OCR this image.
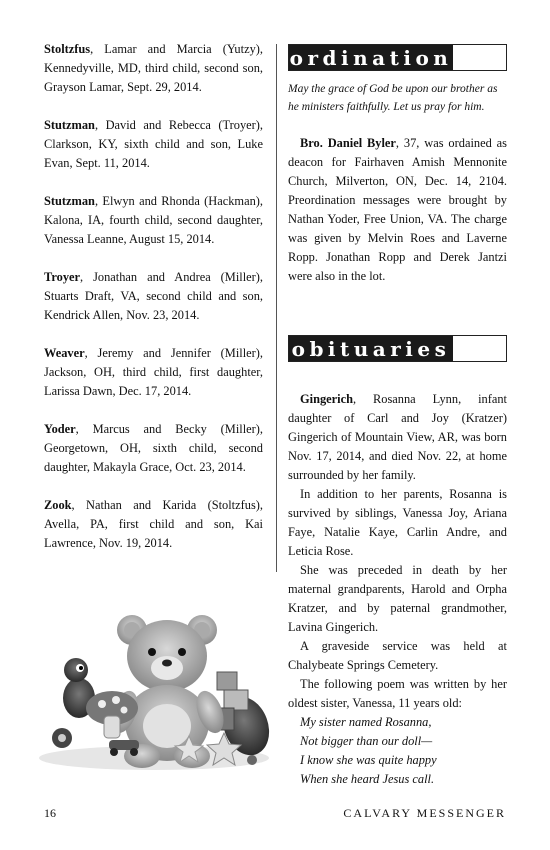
Stoltzfus, Lamar and Marcia (Yutzy), Kennedyville, MD, third child, second son, Grayson Lamar, Sept. 29, 2014.
Stutzman, David and Rebecca (Troyer), Clarkson, KY, sixth child and son, Luke Evan, Sept. 11, 2014.
Stutzman, Elwyn and Rhonda (Hackman), Kalona, IA, fourth child, second daughter, Vanessa Leanne, August 15, 2014.
Troyer, Jonathan and Andrea (Miller), Stuarts Draft, VA, second child and son, Kendrick Allen, Nov. 23, 2014.
Weaver, Jeremy and Jennifer (Miller), Jackson, OH, third child, first daughter, Larissa Dawn, Dec. 17, 2014.
Yoder, Marcus and Becky (Miller), Georgetown, OH, sixth child, second daughter, Makayla Grace, Oct. 23, 2014.
Zook, Nathan and Karida (Stoltzfus), Avella, PA, first child and son, Kai Lawrence, Nov. 19, 2014.
ordination
May the grace of God be upon our brother as he ministers faithfully. Let us pray for him.

Bro. Daniel Byler, 37, was ordained as deacon for Fairhaven Amish Mennonite Church, Milverton, ON, Dec. 14, 2104. Preordination messages were brought by Nathan Yoder, Free Union, VA. The charge was given by Melvin Roes and Laverne Ropp. Jonathan Ropp and Derek Jantzi were also in the lot.

obituaries

Gingerich, Rosanna Lynn, infant daughter of Carl and Joy (Kratzer) Gingerich of Mountain View, AR, was born Nov. 17, 2014, and died Nov. 22, at home surrounded by her family.

In addition to her parents, Rosanna is survived by siblings, Vanessa Joy, Ariana Faye, Natalie Kaye, Carlin Andre, and Leticia Rose.

She was preceded in death by her maternal grandparents, Harold and Orpha Kratzer, and by paternal grandmother, Lavina Gingerich.

A graveside service was held at Chalybeate Springs Cemetery.

The following poem was written by her oldest sister, Vanessa, 11 years old:

My sister named Rosanna,
Not bigger than our doll—
I know she was quite happy
When she heard Jesus call.
16	CALVARY MESSENGER
